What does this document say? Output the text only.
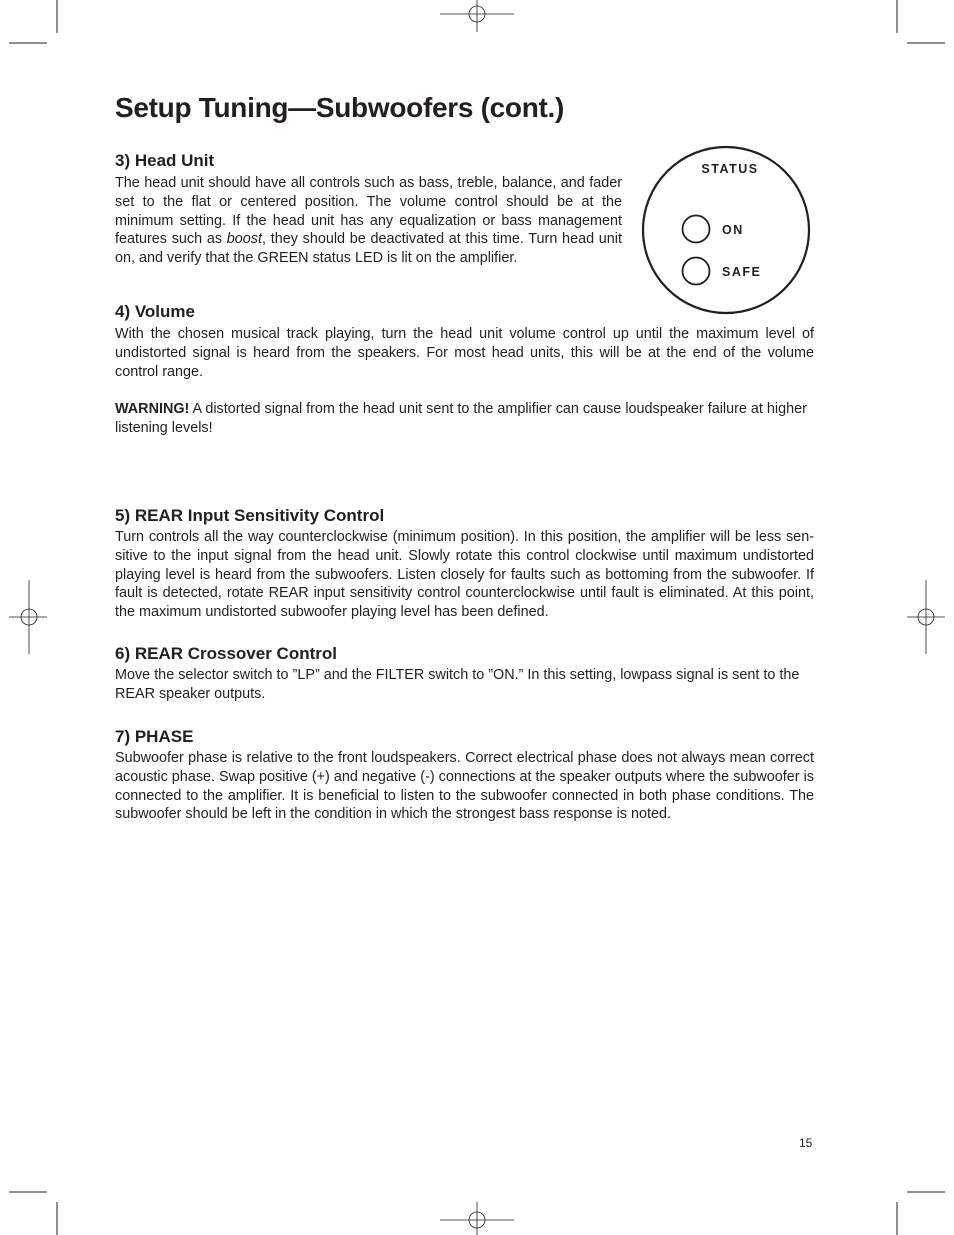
Setup Tuning—Subwoofers (cont.)
3) Head Unit

The head unit should have all controls such as bass, treble, balance, and fader set to the flat or centered position. The volume control should be at the minimum setting. If the head unit has any equalization or bass management features such as boost, they should be deactivated at this time. Turn head unit on, and verify that the GREEN status LED is lit on the amplifier.

STATUS
ON
SAFE
4) Volume

With the chosen musical track playing, turn the head unit volume control up until the maximum level of undistorted signal is heard from the speakers. For most head units, this will be at the end of the volume control range.

WARNING! A distorted signal from the head unit sent to the amplifier can cause loudspeaker failure at higher listening levels!

5) REAR Input Sensitivity Control

Turn controls all the way counterclockwise (minimum position). In this position, the amplifier will be less sen-sitive to the input signal from the head unit. Slowly rotate this control clockwise until maximum undistorted playing level is heard from the subwoofers. Listen closely for faults such as bottoming from the subwoofer. If fault is detected, rotate REAR input sensitivity control counterclockwise until fault is eliminated. At this point, the maximum undistorted subwoofer playing level has been defined.

6) REAR Crossover Control

Move the selector switch to ”LP” and the FILTER switch to ”ON.” In this setting, lowpass signal is sent to the REAR speaker outputs.

7) PHASE

Subwoofer phase is relative to the front loudspeakers. Correct electrical phase does not always mean correct acoustic phase. Swap positive (+) and negative (-) connections at the speaker outputs where the subwoofer is connected to the amplifier. It is beneficial to listen to the subwoofer connected in both phase conditions. The subwoofer should be left in the condition in which the strongest bass response is noted.

15
